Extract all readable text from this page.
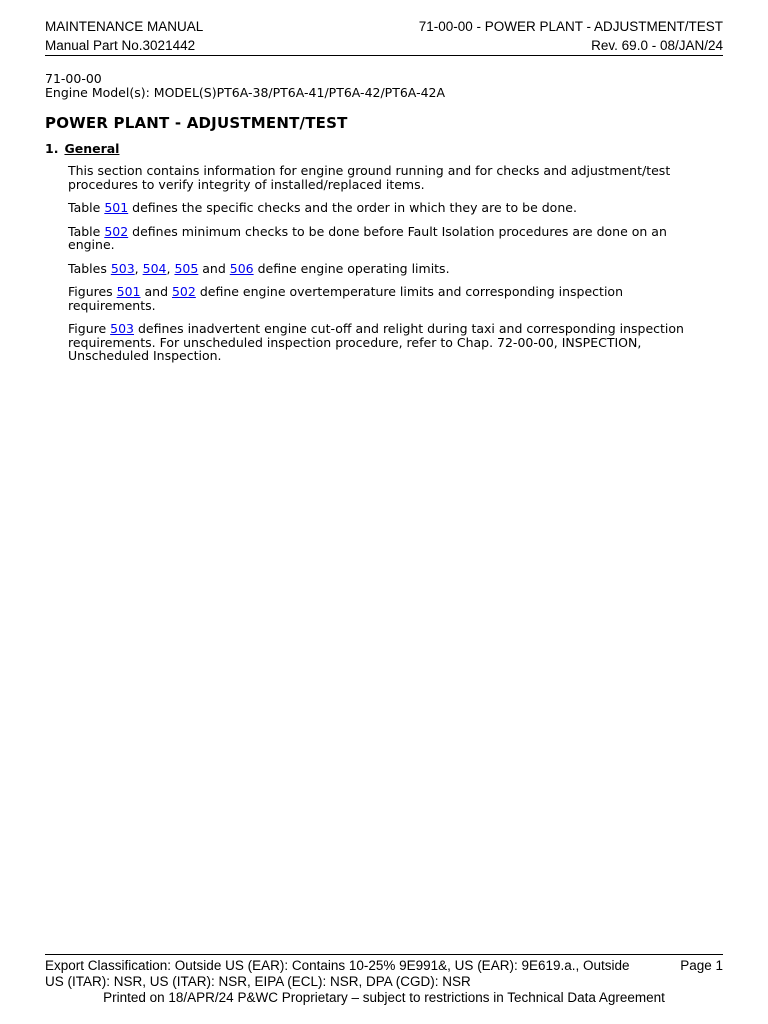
MAINTENANCE MANUAL	71-00-00 - POWER PLANT - ADJUSTMENT/TEST
Manual Part No.3021442	Rev. 69.0 - 08/JAN/24
71-00-00
Engine Model(s): MODEL(S)PT6A-38/PT6A-41/PT6A-42/PT6A-42A
POWER PLANT - ADJUSTMENT/TEST
1. General

This section contains information for engine ground running and for checks and adjustment/test procedures to verify integrity of installed/replaced items.

Table 501 defines the specific checks and the order in which they are to be done.

Table 502 defines minimum checks to be done before Fault Isolation procedures are done on an engine.

Tables 503, 504, 505 and 506 define engine operating limits.

Figures 501 and 502 define engine overtemperature limits and corresponding inspection requirements.

Figure 503 defines inadvertent engine cut-off and relight during taxi and corresponding inspection requirements. For unscheduled inspection procedure, refer to Chap. 72-00-00, INSPECTION, Unscheduled Inspection.

Export Classification: Outside US (EAR): Contains 10-25% 9E991&, US (EAR): 9E619.a., Outside US (ITAR): NSR, US (ITAR): NSR, EIPA (ECL): NSR, DPA (CGD): NSR
Page 1
Printed on 18/APR/24 P&WC Proprietary – subject to restrictions in Technical Data Agreement
